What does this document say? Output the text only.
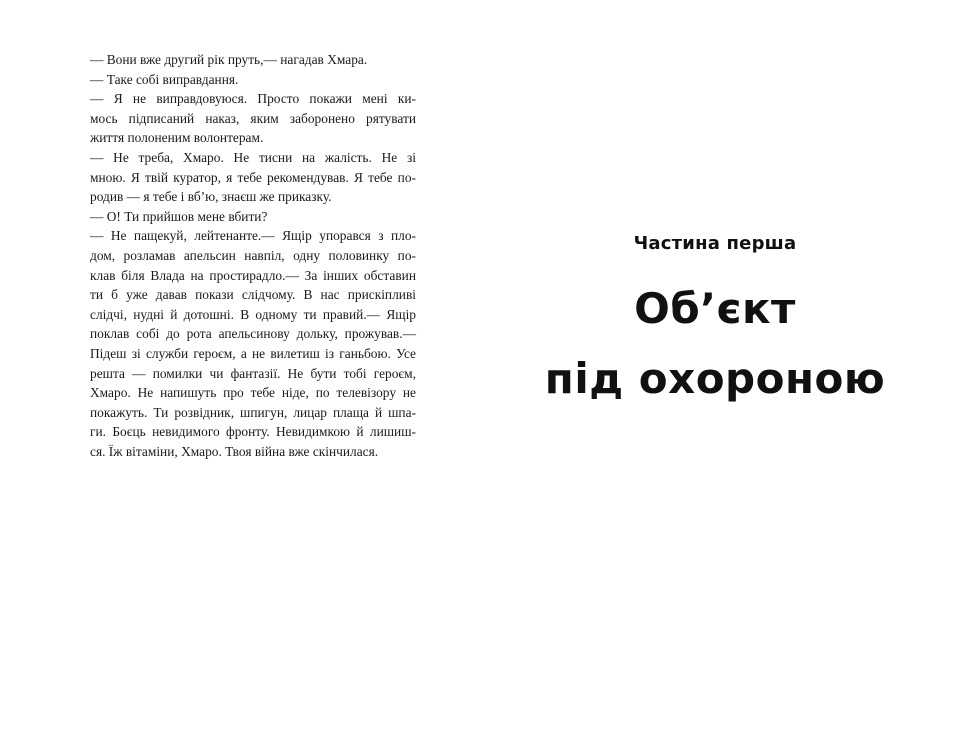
— Вони вже другий рік пруть,— нагадав Хмара.
— Таке собі виправдання.
— Я не виправдовуюся. Просто покажи мені ки-
мось підписаний наказ, яким заборонено рятувати
життя полоненим волонтерам.
— Не треба, Хмаро. Не тисни на жалість. Не зі
мною. Я твій куратор, я тебе рекомендував. Я тебе по-
родив — я тебе і вб’ю, знаєш же приказку.
— О! Ти прийшов мене вбити?
— Не пащекуй, лейтенанте.— Ящір упорався з пло-
дом, розламав апельсин навпіл, одну половинку по-
клав біля Влада на простирадло.— За інших обставин
ти б уже давав покази слідчому. В нас прискіпливі
слідчі, нудні й дотошні. В одному ти правий.— Ящір
поклав собі до рота апельсинову дольку, прожував.—
Підеш зі служби героєм, а не вилетиш із ганьбою. Усе
решта — помилки чи фантазії. Не бути тобі героєм,
Хмаро. Не напишуть про тебе ніде, по телевізору не
покажуть. Ти розвідник, шпигун, лицар плаща й шпа-
ги. Боєць невидимого фронту. Невидимкою й лишиш-
ся. Їж вітаміни, Хмаро. Твоя війна вже скінчилася.
Частина перша
Об’єкт
під охороною
